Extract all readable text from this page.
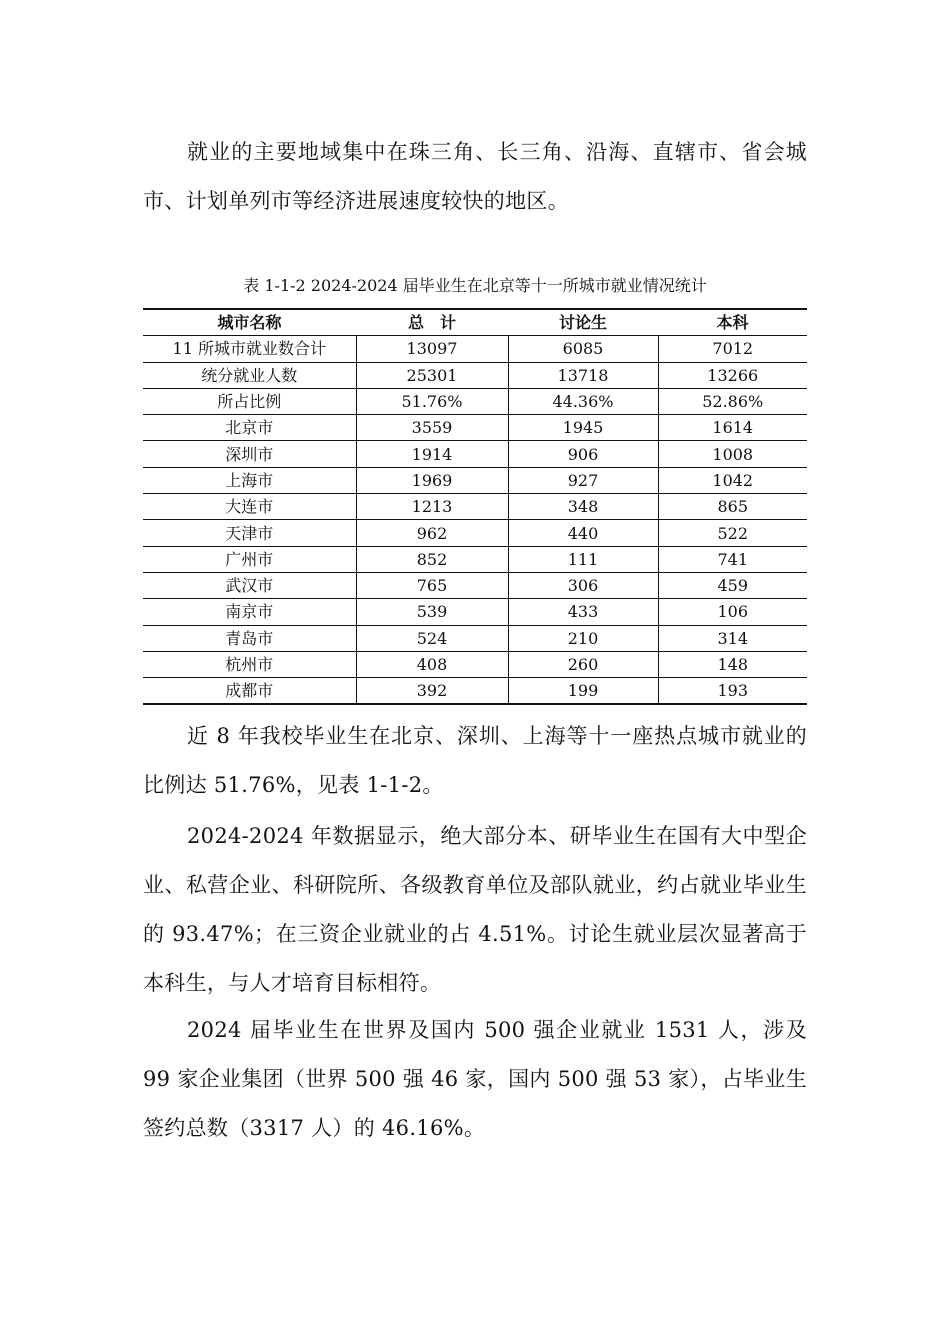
就业的主要地域集中在珠三角、长三角、沿海、直辖市、省会城市、计划单列市等经济进展速度较快的地区。

表 1-1-2 2024-2024 届毕业生在北京等十一所城市就业情况统计
城市名称	总　计	讨论生	本科
11 所城市就业数合计	13097	6085	7012
统分就业人数	25301	13718	13266
所占比例	51.76%	44.36%	52.86%
北京市	3559	1945	1614
深圳市	1914	906	1008
上海市	1969	927	1042
大连市	1213	348	865
天津市	962	440	522
广州市	852	111	741
武汉市	765	306	459
南京市	539	433	106
青岛市	524	210	314
杭州市	408	260	148
成都市	392	199	193

近 8 年我校毕业生在北京、深圳、上海等十一座热点城市就业的比例达 51.76%，见表 1-1-2。

2024-2024 年数据显示，绝大部分本、研毕业生在国有大中型企业、私营企业、科研院所、各级教育单位及部队就业，约占就业毕业生的 93.47%；在三资企业就业的占 4.51%。讨论生就业层次显著高于本科生，与人才培育目标相符。

2024 届毕业生在世界及国内 500 强企业就业 1531 人，涉及 99 家企业集团（世界 500 强 46 家，国内 500 强 53 家），占毕业生签约总数（3317 人）的 46.16%。
